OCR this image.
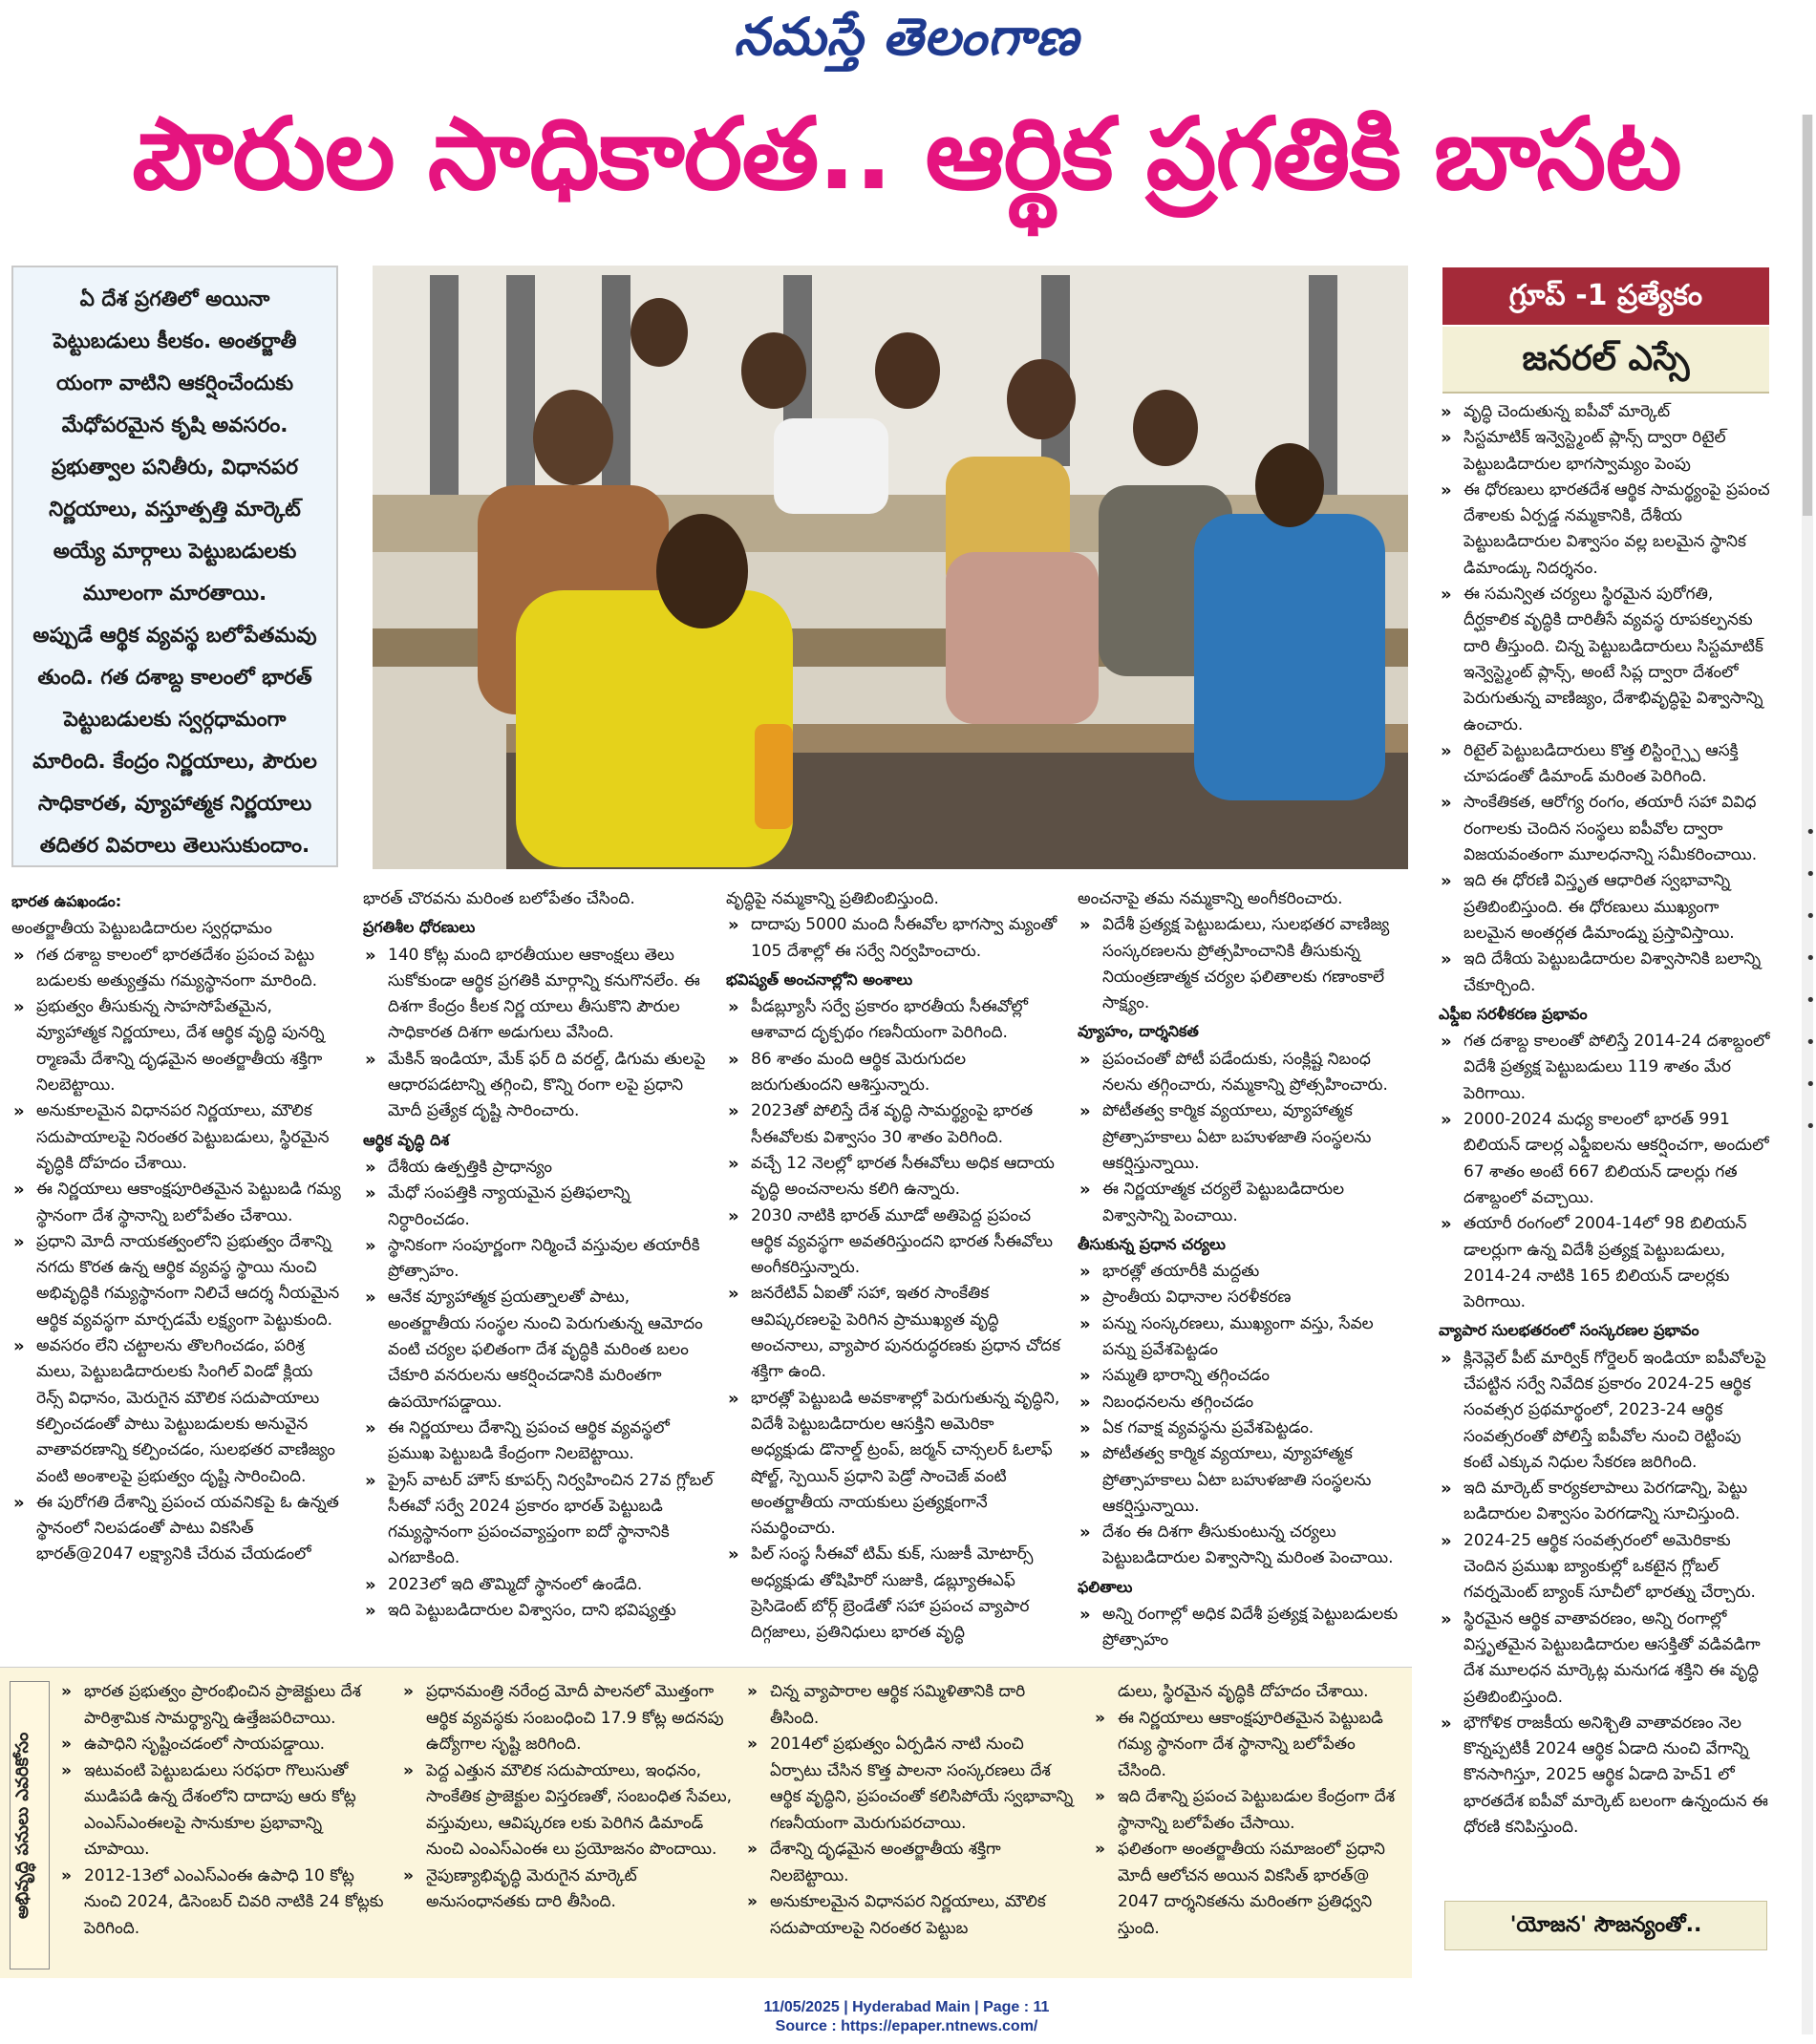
నమస్తే తెలంగాణ
పౌరుల సాధికారత.. ఆర్థిక ప్రగతికి బాసట

ఏ దేశ ప్రగతిలో అయినా

పెట్టుబడులు కీలకం. అంతర్జాతీ

యంగా వాటిని ఆకర్షించేందుకు

మేధోపరమైన కృషి అవసరం.

ప్రభుత్వాల పనితీరు, విధానపర

నిర్ణయాలు, వస్తూత్పత్తి మార్కెట్

అయ్యే మార్గాలు పెట్టుబడులకు

మూలంగా మారతాయి.

అప్పుడే ఆర్థిక వ్యవస్థ బలోపేతమవు

తుంది. గత దశాబ్ద కాలంలో భారత్

పెట్టుబడులకు స్వర్గధామంగా

మారింది. కేంద్రం నిర్ణయాలు, పౌరుల

సాధికారత, వ్యూహాత్మక నిర్ణయాలు

తదితర వివరాలు తెలుసుకుందాం.

గ్రూప్ -1 ప్రత్యేకం
జనరల్ ఎస్సే
భారత ఉపఖండం:
అంతర్జాతీయ పెట్టుబడిదారుల స్వర్గధామం
» గత దశాబ్ద కాలంలో భారతదేశం ప్రపంచ పెట్టు బడులకు అత్యుత్తమ గమ్యస్థానంగా మారింది.
» ప్రభుత్వం తీసుకున్న సాహసోపేతమైన, వ్యూహాత్మక నిర్ణయాలు, దేశ ఆర్థిక వృద్ధి పునర్ని ర్మాణమే దేశాన్ని దృఢమైన అంతర్జాతీయ శక్తిగా నిలబెట్టాయి.
» అనుకూలమైన విధానపర నిర్ణయాలు, మౌలిక సదుపాయాలపై నిరంతర పెట్టుబడులు, స్థిరమైన వృద్ధికి దోహదం చేశాయి.
» ఈ నిర్ణయాలు ఆకాంక్షపూరితమైన పెట్టుబడి గమ్య స్థానంగా దేశ స్థానాన్ని బలోపేతం చేశాయి.
» ప్రధాని మోదీ నాయకత్వంలోని ప్రభుత్వం దేశాన్ని నగదు కొరత ఉన్న ఆర్థిక వ్యవస్థ స్థాయి నుంచి అభివృద్ధికి గమ్యస్థానంగా నిలిచే ఆదర్శ నీయమైన ఆర్థిక వ్యవస్థగా మార్చడమే లక్ష్యంగా పెట్టుకుంది.
» అవసరం లేని చట్టాలను తొలగించడం, పరిశ్ర మలు, పెట్టుబడిదారులకు సింగిల్ విండో క్లియ రెన్స్ విధానం, మెరుగైన మౌలిక సదుపాయాలు కల్పించడంతో పాటు పెట్టుబడులకు అనువైన వాతావరణాన్ని కల్పించడం, సులభతర వాణిజ్యం వంటి అంశాలపై ప్రభుత్వం దృష్టి సారించింది.
» ఈ పురోగతి దేశాన్ని ప్రపంచ యవనికపై ఓ ఉన్నత స్థానంలో నిలపడంతో పాటు వికసిత్ భారత్@2047 లక్ష్యానికి చేరువ చేయడంలో
భారత్ చొరవను మరింత బలోపేతం చేసింది.
ప్రగతిశీల ధోరణులు
» 140 కోట్ల మంది భారతీయుల ఆకాంక్షలు తెలు సుకోకుండా ఆర్థిక ప్రగతికి మార్గాన్ని కనుగొనలేం. ఈ దిశగా కేంద్రం కీలక నిర్ణ యాలు తీసుకొని పౌరుల సాధికారత దిశగా అడుగులు వేసింది.
» మేకిన్ ఇండియా, మేక్ ఫర్ ది వరల్డ్, డిగుమ తులపై ఆధారపడటాన్ని తగ్గించి, కొన్ని రంగా లపై ప్రధాని మోదీ ప్రత్యేక దృష్టి సారించారు.
ఆర్థిక వృద్ధి దిశ
» దేశీయ ఉత్పత్తికి ప్రాధాన్యం
» మేధో సంపత్తికి న్యాయమైన ప్రతిఫలాన్ని నిర్ధారించడం.
» స్థానికంగా సంపూర్ణంగా నిర్మించే వస్తువుల తయారీకి ప్రోత్సాహం.
» ఆనేక వ్యూహాత్మక ప్రయత్నాలతో పాటు, అంతర్జాతీయ సంస్థల నుంచి పెరుగుతున్న ఆమోదం వంటి చర్యల ఫలితంగా దేశ వృద్ధికి మరింత బలం చేకూరి వనరులను ఆకర్షించడానికి మరింతగా ఉపయోగపడ్డాయి.
» ఈ నిర్ణయాలు దేశాన్ని ప్రపంచ ఆర్థిక వ్యవస్థలో ప్రముఖ పెట్టుబడి కేంద్రంగా నిలబెట్టాయి.
» ప్రైస్ వాటర్ హౌస్ కూపర్స్ నిర్వహించిన 27వ గ్లోబల్ సీఈవో సర్వే 2024 ప్రకారం భారత్ పెట్టుబడి గమ్యస్థానంగా ప్రపంచవ్యాప్తంగా ఐదో స్థానానికి ఎగబాకింది.
» 2023లో ఇది తొమ్మిదో స్థానంలో ఉండేది.
» ఇది పెట్టుబడిదారుల విశ్వాసం, దాని భవిష్యత్తు
వృద్ధిపై నమ్మకాన్ని ప్రతిబింబిస్తుంది.
» దాదాపు 5000 మంది సీఈవోల భాగస్వా మ్యంతో 105 దేశాల్లో ఈ సర్వే నిర్వహించారు.
భవిష్యత్ అంచనాల్లోని అంశాలు
» పీడబ్ల్యూసీ సర్వే ప్రకారం భారతీయ సీఈవోల్లో ఆశావాద దృక్పథం గణనీయంగా పెరిగింది.
» 86 శాతం మంది ఆర్థిక మెరుగుదల జరుగుతుందని ఆశిస్తున్నారు.
» 2023తో పోలిస్తే దేశ వృద్ధి సామర్థ్యంపై భారత సీఈవోలకు విశ్వాసం 30 శాతం పెరిగింది.
» వచ్చే 12 నెలల్లో భారత సీఈవోలు అధిక ఆదాయ వృద్ధి అంచనాలను కలిగి ఉన్నారు.
» 2030 నాటికి భారత్ మూడో అతిపెద్ద ప్రపంచ ఆర్థిక వ్యవస్థగా అవతరిస్తుందని భారత సీఈవోలు అంగీకరిస్తున్నారు.
» జనరేటివ్ ఏఐతో సహా, ఇతర సాంకేతిక ఆవిష్కరణలపై పెరిగిన ప్రాముఖ్యత వృద్ధి అంచనాలు, వ్యాపార పునరుద్ధరణకు ప్రధాన చోదక శక్తిగా ఉంది.
» భారత్లో పెట్టుబడి అవకాశాల్లో పెరుగుతున్న వృద్ధిని, విదేశీ పెట్టుబడిదారుల ఆసక్తిని అమెరికా అధ్యక్షుడు డొనాల్డ్ ట్రంప్, జర్మన్ చాన్సలర్ ఓలాఫ్ షోల్జ్, స్పెయిన్ ప్రధాని పెడ్రో సాంచెజ్ వంటి అంతర్జాతీయ నాయకులు ప్రత్యక్షంగానే సమర్థించారు.
» పిల్ సంస్థ సీఈవో టిమ్ కుక్, సుజుకీ మోటార్స్ అధ్యక్షుడు తోషిహిరో సుజుకి, డబ్ల్యూఈఎఫ్ ప్రెసిడెంట్ బోర్గ్ బ్రెండేతో సహా ప్రపంచ వ్యాపార దిగ్గజాలు, ప్రతినిధులు భారత వృద్ధి
అంచనాపై తమ నమ్మకాన్ని అంగీకరించారు.
» విదేశీ ప్రత్యక్ష పెట్టుబడులు, సులభతర వాణిజ్య సంస్కరణలను ప్రోత్సహించానికి తీసుకున్న నియంత్రణాత్మక చర్యల ఫలితాలకు గణాంకాలే సాక్ష్యం.
వ్యూహం, దార్శనికత
» ప్రపంచంతో పోటీ పడేందుకు, సంక్లిష్ట నిబంధ నలను తగ్గించారు, నమ్మకాన్ని ప్రోత్సహించారు.
» పోటీతత్వ కార్మిక వ్యయాలు, వ్యూహాత్మక ప్రోత్సాహకాలు ఏటా బహుళజాతి సంస్థలను ఆకర్షిస్తున్నాయి.
» ఈ నిర్ణయాత్మక చర్యలే పెట్టుబడిదారుల విశ్వాసాన్ని పెంచాయి.
తీసుకున్న ప్రధాన చర్యలు
» భారత్లో తయారీకి మద్దతు
» ప్రాంతీయ విధానాల సరళీకరణ
» పన్ను సంస్కరణలు, ముఖ్యంగా వస్తు, సేవల పన్ను ప్రవేశపెట్టడం
» సమ్మతి భారాన్ని తగ్గించడం
» నిబంధనలను తగ్గించడం
» ఏక గవాక్ష వ్యవస్థను ప్రవేశపెట్టడం.
» పోటీతత్వ కార్మిక వ్యయాలు, వ్యూహాత్మక ప్రోత్సాహకాలు ఏటా బహుళజాతి సంస్థలను ఆకర్షిస్తున్నాయి.
» దేశం ఈ దిశగా తీసుకుంటున్న చర్యలు పెట్టుబడిదారుల విశ్వాసాన్ని మరింత పెంచాయి.
ఫలితాలు
» అన్ని రంగాల్లో అధిక విదేశీ ప్రత్యక్ష పెట్టుబడులకు ప్రోత్సాహం
» వృద్ధి చెందుతున్న ఐపీవో మార్కెట్
» సిస్టమాటిక్ ఇన్వెస్ట్మెంట్ ప్లాన్స్ ద్వారా రిటైల్ పెట్టుబడిదారుల భాగస్వామ్యం పెంపు
» ఈ ధోరణులు భారతదేశ ఆర్థిక సామర్థ్యంపై ప్రపంచ దేశాలకు ఏర్పడ్డ నమ్మకానికి, దేశీయ పెట్టుబడిదారుల విశ్వాసం వల్ల బలమైన స్థానిక డిమాండ్కు నిదర్శనం.
» ఈ సమన్విత చర్యలు స్థిరమైన పురోగతి, దీర్ఘకాలిక వృద్ధికి దారితీసే వ్యవస్థ రూపకల్పనకు దారి తీస్తుంది. చిన్న పెట్టుబడిదారులు సిస్టమాటిక్ ఇన్వెస్ట్మెంట్ ప్లాన్స్, అంటే సిప్ల ద్వారా దేశంలో పెరుగుతున్న వాణిజ్యం, దేశాభివృద్ధిపై విశ్వాసాన్ని ఉంచారు.
» రిటైల్ పెట్టుబడిదారులు కొత్త లిస్టింగ్స్పై ఆసక్తి చూపడంతో డిమాండ్ మరింత పెరిగింది.
» సాంకేతికత, ఆరోగ్య రంగం, తయారీ సహా వివిధ రంగాలకు చెందిన సంస్థలు ఐపీవోల ద్వారా విజయవంతంగా మూలధనాన్ని సమీకరించాయి.
» ఇది ఈ ధోరణి విస్తృత ఆధారిత స్వభావాన్ని ప్రతిబింబిస్తుంది. ఈ ధోరణులు ముఖ్యంగా బలమైన అంతర్గత డిమాండ్ను ప్రస్తావిస్తాయి.
» ఇది దేశీయ పెట్టుబడిదారుల విశ్వాసానికి బలాన్ని చేకూర్చింది.
ఎఫ్డీఐ సరళీకరణ ప్రభావం
» గత దశాబ్ద కాలంతో పోలిస్తే 2014-24 దశాబ్దంలో విదేశీ ప్రత్యక్ష పెట్టుబడులు 119 శాతం మేర పెరిగాయి.
» 2000-2024 మధ్య కాలంలో భారత్ 991 బిలియన్ డాలర్ల ఎఫ్డీఐలను ఆకర్షించగా, అందులో 67 శాతం అంటే 667 బిలియన్ డాలర్లు గత దశాబ్దంలో వచ్చాయి.
» తయారీ రంగంలో 2004-14లో 98 బిలియన్ డాలర్లుగా ఉన్న విదేశీ ప్రత్యక్ష పెట్టుబడులు, 2014-24 నాటికి 165 బిలియన్ డాలర్లకు పెరిగాయి.
వ్యాపార సులభతరంలో సంస్కరణల ప్రభావం
» క్లినెవ్లెల్ పీట్ మార్విక్ గోర్డెలర్ ఇండియా ఐపీవోలపై చేపట్టిన సర్వే నివేదిక ప్రకారం 2024-25 ఆర్థిక సంవత్సర ప్రథమార్థంలో, 2023-24 ఆర్థిక సంవత్సరంతో పోలిస్తే ఐపీవోల నుంచి రెట్టింపు కంటే ఎక్కువ నిధుల సేకరణ జరిగింది.
» ఇది మార్కెట్ కార్యకలాపాలు పెరగడాన్ని, పెట్టు బడిదారుల విశ్వాసం పెరగడాన్ని సూచిస్తుంది.
» 2024-25 ఆర్థిక సంవత్సరంలో అమెరికాకు చెందిన ప్రముఖ బ్యాంకుల్లో ఒకటైన గ్లోబల్ గవర్నమెంట్ బ్యాంక్ సూచీలో భారత్ను చేర్చారు.
» స్థిరమైన ఆర్థిక వాతావరణం, అన్ని రంగాల్లో విస్తృతమైన పెట్టుబడిదారుల ఆసక్తితో వడివడిగా దేశ మూలధన మార్కెట్ల మనుగడ శక్తిని ఈ వృద్ధి ప్రతిబింబిస్తుంది.
» భౌగోళిక రాజకీయ అనిశ్చితి వాతావరణం నెల కొన్నప్పటికీ 2024 ఆర్థిక ఏడాది నుంచి వేగాన్ని కొనసాగిస్తూ, 2025 ఆర్థిక ఏడాది హెచ్1 లో భారతదేశ ఐపీవో మార్కెట్ బలంగా ఉన్నందున ఈ ధోరణి కనిపిస్తుంది.
అభివృద్ధి పనులు ఎవరికోసం
» భారత ప్రభుత్వం ప్రారంభించిన ప్రాజెక్టులు దేశ పారిశ్రామిక సామర్థ్యాన్ని ఉత్తేజపరిచాయి.
» ఉపాధిని సృష్టించడంలో సాయపడ్డాయి.
» ఇటువంటి పెట్టుబడులు సరఫరా గొలుసుతో ముడిపడి ఉన్న దేశంలోని దాదాపు ఆరు కోట్ల ఎంఎస్ఎంఈలపై సానుకూల ప్రభావాన్ని చూపాయి.
» 2012-13లో ఎంఎస్ఎంఈ ఉపాధి 10 కోట్ల నుంచి 2024, డిసెంబర్ చివరి నాటికి 24 కోట్లకు పెరిగింది.
» ప్రధానమంత్రి నరేంద్ర మోదీ పాలనలో మొత్తంగా ఆర్థిక వ్యవస్థకు సంబంధించి 17.9 కోట్ల అదనపు ఉద్యోగాల సృష్టి జరిగింది.
» పెద్ద ఎత్తున మౌలిక సదుపాయాలు, ఇంధనం, సాంకేతిక ప్రాజెక్టుల విస్తరణతో, సంబంధిత సేవలు, వస్తువులు, ఆవిష్కరణ లకు పెరిగిన డిమాండ్ నుంచి ఎంఎస్ఎంఈ లు ప్రయోజనం పొందాయి.
» నైపుణ్యాభివృద్ధి మెరుగైన మార్కెట్ అనుసంధానతకు దారి తీసింది.
» చిన్న వ్యాపారాల ఆర్థిక సమ్మిళితానికి దారి తీసింది.
» 2014లో ప్రభుత్వం ఏర్పడిన నాటి నుంచి ఏర్పాటు చేసిన కొత్త పాలనా సంస్కరణలు దేశ ఆర్థిక వృద్ధిని, ప్రపంచంతో కలిసిపోయే స్వభావాన్ని గణనీయంగా మెరుగుపరచాయి.
» దేశాన్ని దృఢమైన అంతర్జాతీయ శక్తిగా నిలబెట్టాయి.
» అనుకూలమైన విధానపర నిర్ణయాలు, మౌలిక సదుపాయాలపై నిరంతర పెట్టుబ
డులు, స్థిరమైన వృద్ధికి దోహదం చేశాయి.
» ఈ నిర్ణయాలు ఆకాంక్షపూరితమైన పెట్టుబడి గమ్య స్థానంగా దేశ స్థానాన్ని బలోపేతం చేసింది.
» ఇది దేశాన్ని ప్రపంచ పెట్టుబడుల కేంద్రంగా దేశ స్థానాన్ని బలోపేతం చేసాయి.
» ఫలితంగా అంతర్జాతీయ సమాజంలో ప్రధాని మోదీ ఆలోచన అయిన వికసిత్ భారత్@ 2047 దార్శనికతను మరింతగా ప్రతిధ్వని స్తుంది.	'యోజన' సౌజన్యంతో..
11/05/2025 | Hyderabad Main | Page : 11
Source : https://epaper.ntnews.com/
•
•
•
•
•
•
•
•
